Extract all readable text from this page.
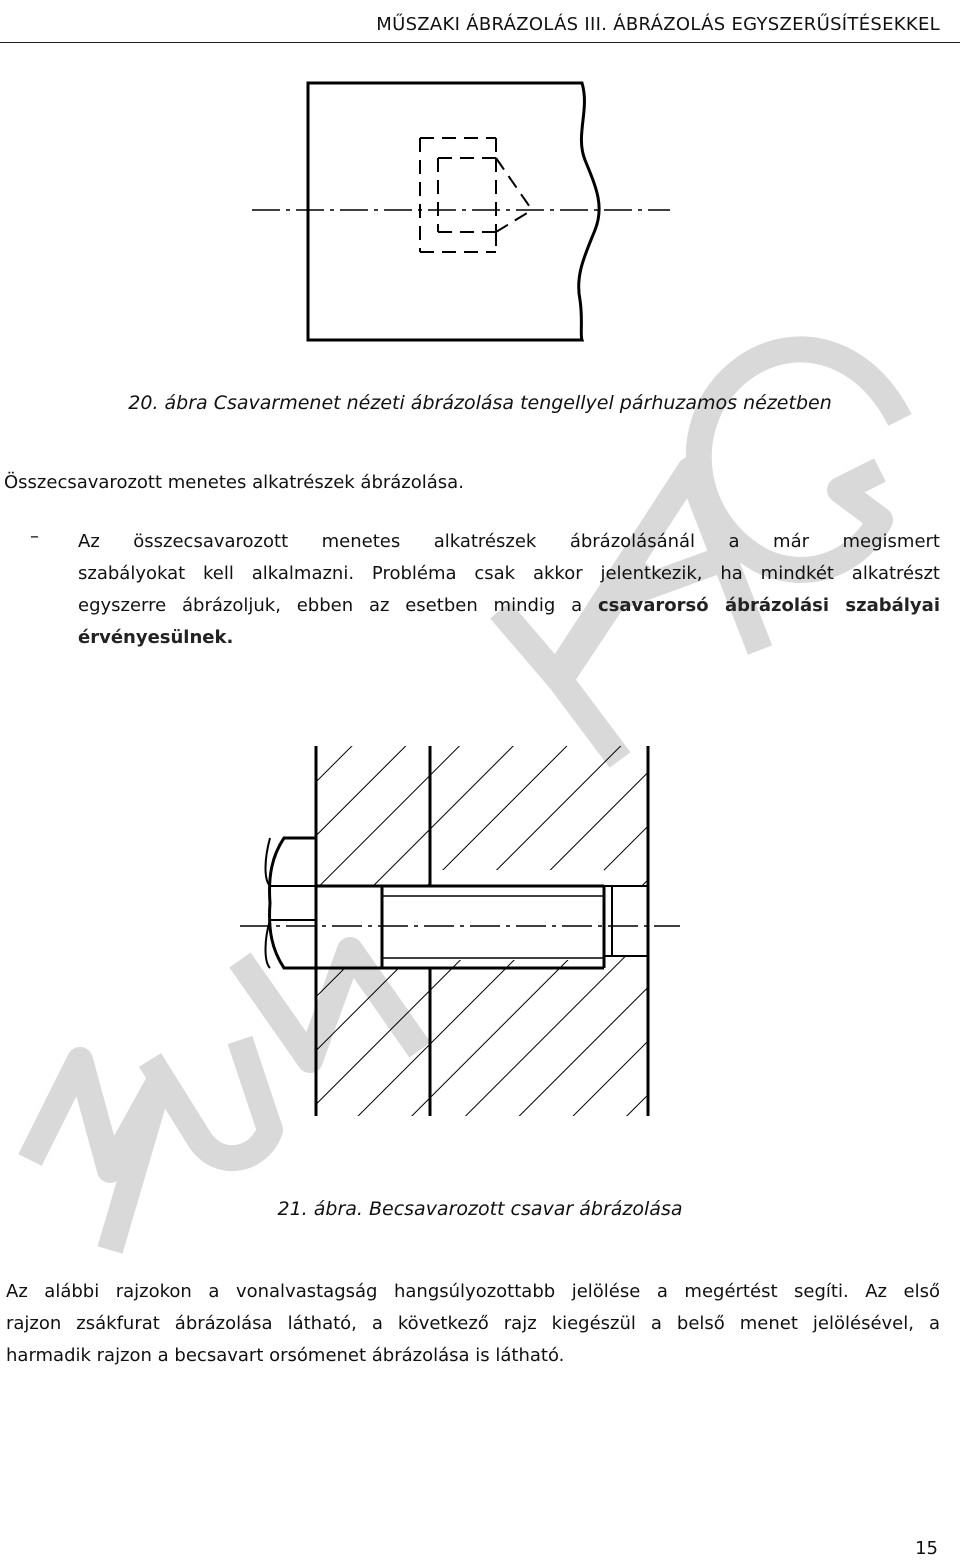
MŰSZAKI ÁBRÁZOLÁS III. ÁBRÁZOLÁS EGYSZERŰSÍTÉSEKKEL
20. ábra Csavarmenet nézeti ábrázolása tengellyel párhuzamos nézetben
Összecsavarozott menetes alkatrészek ábrázolása.
– Az összecsavarozott menetes alkatrészek ábrázolásánál a már megismert
szabályokat kell alkalmazni. Probléma csak akkor jelentkezik, ha mindkét alkatrészt
egyszerre ábrázoljuk, ebben az esetben mindig a csavarorsó ábrázolási szabályai
érvényesülnek.
21. ábra. Becsavarozott csavar ábrázolása
Az alábbi rajzokon a vonalvastagság hangsúlyozottabb jelölése a megértést segíti. Az első
rajzon zsákfurat ábrázolása látható, a következő rajz kiegészül a belső menet jelölésével, a
harmadik rajzon a becsavart orsómenet ábrázolása is látható.
15
